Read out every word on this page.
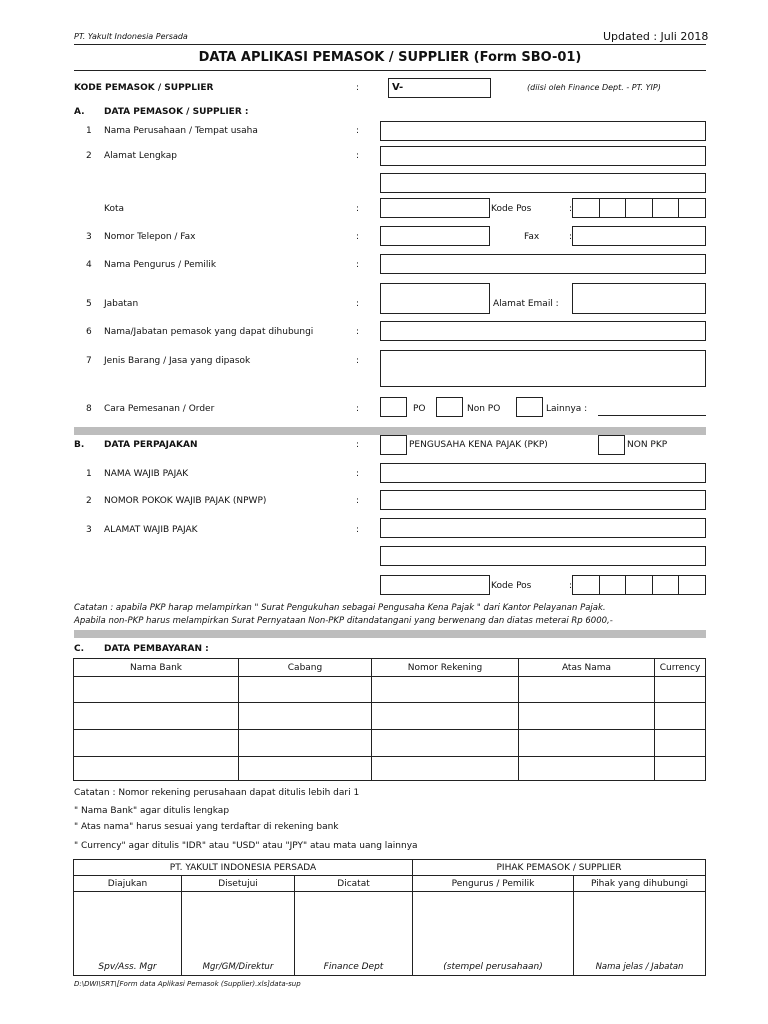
PT. Yakult Indonesia Persada	Updated : Juli 2018
DATA APLIKASI PEMASOK / SUPPLIER (Form SBO-01)
KODE PEMASOK / SUPPLIER	:	V-	(diisi oleh Finance Dept. - PT. YIP)
A. DATA PEMASOK / SUPPLIER :
1 Nama Perusahaan / Tempat usaha	:
2 Alamat Lengkap	:
Kota	:	Kode Pos	:
3 Nomor Telepon / Fax	:	Fax	:
4 Nama Pengurus / Pemilik	:
5 Jabatan	:	Alamat Email :
6 Nama/Jabatan pemasok yang dapat dihubungi	:
7 Jenis Barang / Jasa yang dipasok	:
8 Cara Pemesanan / Order	:	PO	Non PO	Lainnya :
B. DATA PERPAJAKAN	:	PENGUSAHA KENA PAJAK (PKP)	NON PKP
1 NAMA WAJIB PAJAK	:
2 NOMOR POKOK WAJIB PAJAK (NPWP)	:
3 ALAMAT WAJIB PAJAK	:
Kode Pos	:
Catatan : apabila PKP harap melampirkan " Surat Pengukuhan sebagai Pengusaha Kena Pajak " dari Kantor Pelayanan Pajak.
Apabila non-PKP harus melampirkan Surat Pernyataan Non-PKP ditandatangani yang berwenang dan diatas meterai Rp 6000,-
C. DATA PEMBAYARAN :
Nama Bank	Cabang	Nomor Rekening	Atas Nama	Currency

Catatan : Nomor rekening perusahaan dapat ditulis lebih dari 1
" Nama Bank" agar ditulis lengkap
" Atas nama" harus sesuai yang terdaftar di rekening bank
" Currency" agar ditulis "IDR" atau "USD" atau "JPY" atau mata uang lainnya
PT. YAKULT INDONESIA PERSADA			PIHAK PEMASOK / SUPPLIER	
Diajukan	Disetujui	Dicatat	Pengurus / Pemilik	Pihak yang dihubungi
Spv/Ass. Mgr	Mgr/GM/Direktur	Finance Dept	(stempel perusahaan)	Nama jelas / Jabatan
D:\DWI\SRT\[Form data Aplikasi Pemasok (Supplier).xls]data-sup
